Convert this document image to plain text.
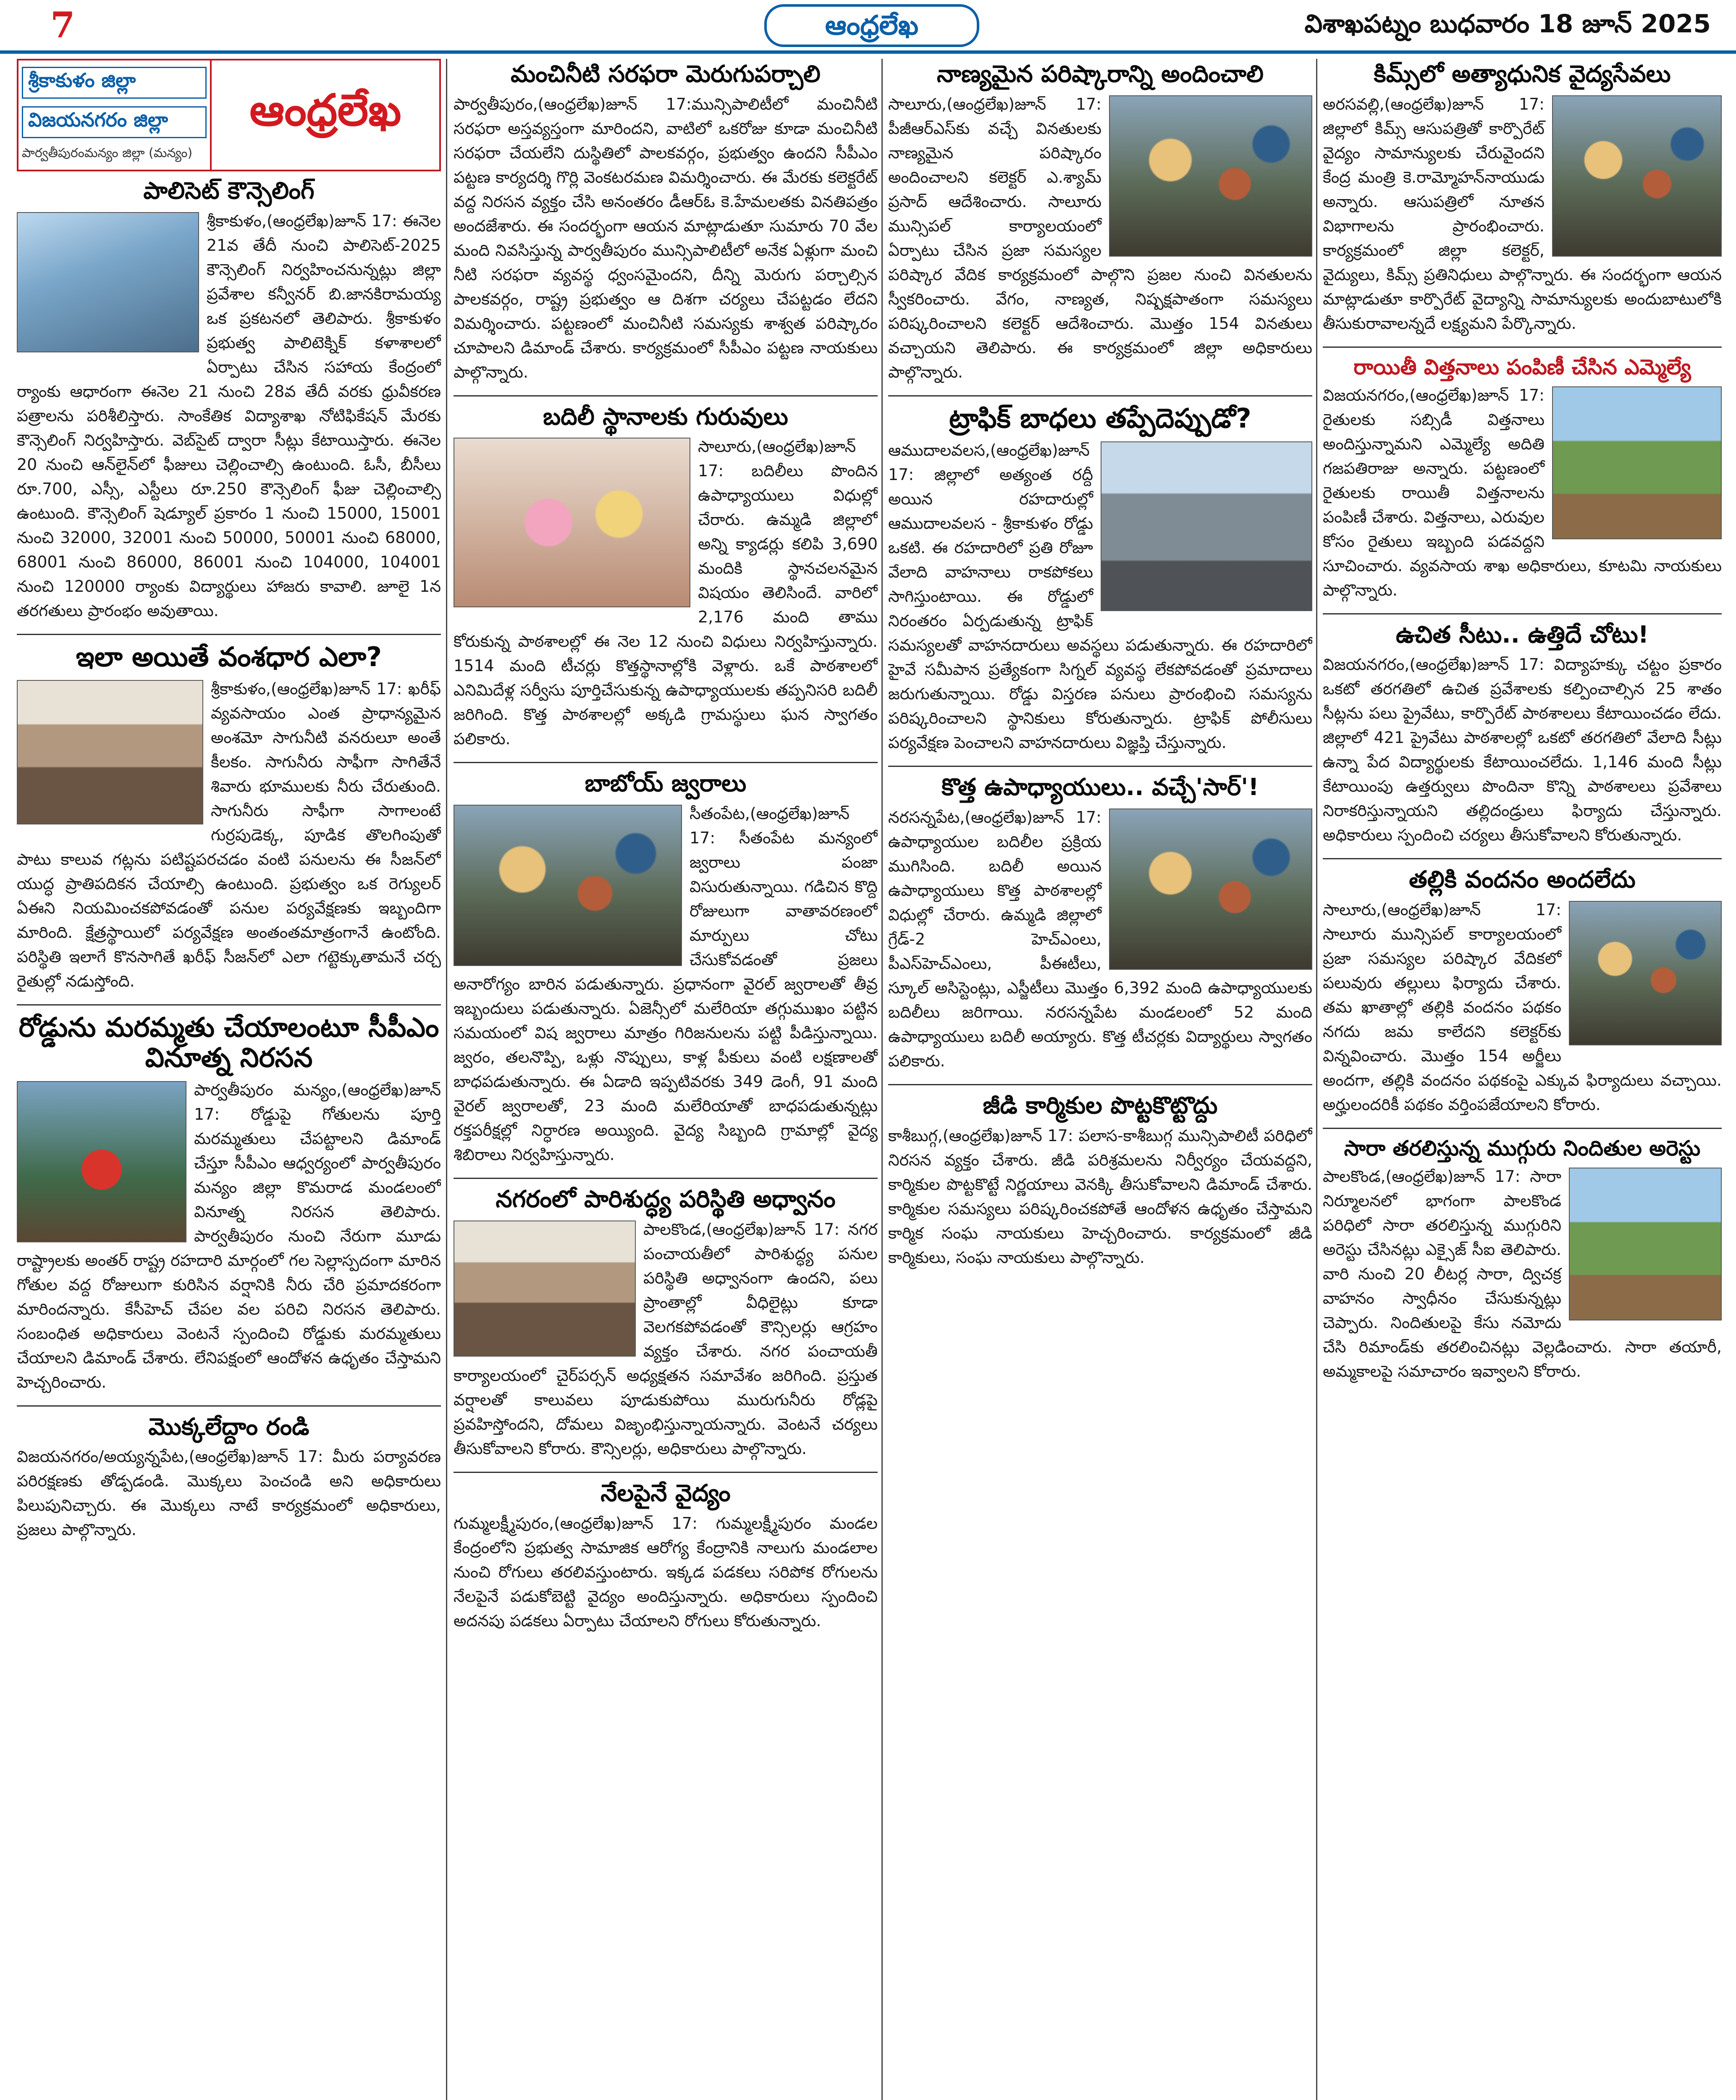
7	ఆంధ్రలేఖ	విశాఖపట్నం బుధవారం 18 జూన్ 2025
శ్రీకాకుళం జిల్లా
విజయనగరం జిల్లా
పార్వతీపురంమన్యం జిల్లా (మన్యం)
ఆంధ్రలేఖ
పాలిసెట్ కౌన్సెలింగ్
శ్రీకాకుళం,(ఆంధ్రలేఖ)జూన్ 17: ఈనెల 21వ తేదీ నుంచి పాలిసెట్-2025 కౌన్సెలింగ్ నిర్వహించనున్నట్లు జిల్లా ప్రవేశాల కన్వీనర్ బి.జానకిరామయ్య ఒక ప్రకటనలో తెలిపారు. శ్రీకాకుళం ప్రభుత్వ పాలిటెక్నిక్ కళాశాలలో ఏర్పాటు చేసిన సహాయ కేంద్రంలో ర్యాంకు ఆధారంగా ఈనెల 21 నుంచి 28వ తేదీ వరకు ధ్రువీకరణ పత్రాలను పరిశీలిస్తారు. సాంకేతిక విద్యాశాఖ నోటిఫికేషన్ మేరకు కౌన్సెలింగ్ నిర్వహిస్తారు. వెబ్‌సైట్ ద్వారా సీట్లు కేటాయిస్తారు. ఈనెల 20 నుంచి ఆన్‌లైన్‌లో ఫీజులు చెల్లించాల్సి ఉంటుంది. ఓసీ, బీసీలు రూ.700, ఎస్సీ, ఎస్టీలు రూ.250 కౌన్సెలింగ్ ఫీజు చెల్లించాల్సి ఉంటుంది. కౌన్సెలింగ్ షెడ్యూల్ ప్రకారం 1 నుంచి 15000, 15001 నుంచి 32000, 32001 నుంచి 50000, 50001 నుంచి 68000, 68001 నుంచి 86000, 86001 నుంచి 104000, 104001 నుంచి 120000 ర్యాంకు విద్యార్థులు హాజరు కావాలి. జూలై 1న తరగతులు ప్రారంభం అవుతాయి.
ఇలా అయితే వంశధార ఎలా?
శ్రీకాకుళం,(ఆంధ్రలేఖ)జూన్ 17: ఖరీఫ్ వ్యవసాయం ఎంత ప్రాధాన్యమైన అంశమో సాగునీటి వనరులూ అంతే కీలకం. సాగునీరు సాఫీగా సాగితేనే శివారు భూములకు నీరు చేరుతుంది. సాగునీరు సాఫీగా సాగాలంటే గుర్రపుడెక్క, పూడిక తొలగింపుతో పాటు కాలువ గట్లను పటిష్టపరచడం వంటి పనులను ఈ సీజన్‌లో యుద్ధ ప్రాతిపదికన చేయాల్సి ఉంటుంది. ప్రభుత్వం ఒక రెగ్యులర్ ఏఈని నియమించకపోవడంతో పనుల పర్యవేక్షణకు ఇబ్బందిగా మారింది. క్షేత్రస్థాయిలో పర్యవేక్షణ అంతంతమాత్రంగానే ఉంటోంది. పరిస్థితి ఇలాగే కొనసాగితే ఖరీఫ్ సీజన్‌లో ఎలా గట్టెక్కుతామనే చర్చ రైతుల్లో నడుస్తోంది.
రోడ్డును మరమ్మతు చేయాలంటూ సీపీఎం వినూత్న నిరసన
పార్వతీపురం మన్యం,(ఆంధ్రలేఖ)జూన్ 17: రోడ్డుపై గోతులను పూర్తి మరమ్మతులు చేపట్టాలని డిమాండ్ చేస్తూ సీపీఎం ఆధ్వర్యంలో పార్వతీపురం మన్యం జిల్లా కొమరాడ మండలంలో వినూత్న నిరసన తెలిపారు. పార్వతీపురం నుంచి నేరుగా మూడు రాష్ట్రాలకు అంతర్ రాష్ట్ర రహదారి మార్గంలో గల సెల్లాస్పదంగా మారిన గోతుల వద్ద రోజులుగా కురిసిన వర్షానికి నీరు చేరి ప్రమాదకరంగా మారిందన్నారు. కేసీహెచ్ చేపల వల పరిచి నిరసన తెలిపారు. సంబంధిత అధికారులు వెంటనే స్పందించి రోడ్డుకు మరమ్మతులు చేయాలని డిమాండ్ చేశారు. లేనిపక్షంలో ఆందోళన ఉధృతం చేస్తామని హెచ్చరించారు.
మొక్కలేద్దాం రండి
విజయనగరం/అయ్యన్నపేట,(ఆంధ్రలేఖ)జూన్ 17: మీరు పర్యావరణ పరిరక్షణకు తోడ్పడండి. మొక్కలు పెంచండి అని అధికారులు పిలుపునిచ్చారు. ఈ మొక్కలు నాటే కార్యక్రమంలో అధికారులు, ప్రజలు పాల్గొన్నారు.
మంచినీటి సరఫరా మెరుగుపర్చాలి
పార్వతీపురం,(ఆంధ్రలేఖ)జూన్ 17:మున్సిపాలిటీలో మంచినీటి సరఫరా అస్తవ్యస్తంగా మారిందని, వాటిలో ఒకరోజు కూడా మంచినీటి సరఫరా చేయలేని దుస్థితిలో పాలకవర్గం, ప్రభుత్వం ఉందని సీపీఎం పట్టణ కార్యదర్శి గొర్లి వెంకటరమణ విమర్శించారు. ఈ మేరకు కలెక్టరేట్ వద్ద నిరసన వ్యక్తం చేసి అనంతరం డీఆర్ఓ కె.హేమలతకు వినతిపత్రం అందజేశారు. ఈ సందర్భంగా ఆయన మాట్లాడుతూ సుమారు 70 వేల మంది నివసిస్తున్న పార్వతీపురం మున్సిపాలిటీలో అనేక ఏళ్లుగా మంచి నీటి సరఫరా వ్యవస్థ ధ్వంసమైందని, దీన్ని మెరుగు పర్చాల్సిన పాలకవర్గం, రాష్ట్ర ప్రభుత్వం ఆ దిశగా చర్యలు చేపట్టడం లేదని విమర్శించారు. పట్టణంలో మంచినీటి సమస్యకు శాశ్వత పరిష్కారం చూపాలని డిమాండ్ చేశారు. కార్యక్రమంలో సీపీఎం పట్టణ నాయకులు పాల్గొన్నారు.
బదిలీ స్థానాలకు గురువులు
సాలూరు,(ఆంధ్రలేఖ)జూన్ 17: బదిలీలు పొందిన ఉపాధ్యాయులు విధుల్లో చేరారు. ఉమ్మడి జిల్లాలో అన్ని క్యాడర్లు కలిపి 3,690 మందికి స్థానచలనమైన విషయం తెలిసిందే. వారిలో 2,176 మంది తాము కోరుకున్న పాఠశాలల్లో ఈ నెల 12 నుంచి విధులు నిర్వహిస్తున్నారు. 1514 మంది టీచర్లు కొత్తస్థానాల్లోకి వెళ్లారు. ఒకే పాఠశాలలో ఎనిమిదేళ్ల సర్వీసు పూర్తిచేసుకున్న ఉపాధ్యాయులకు తప్పనిసరి బదిలీ జరిగింది. కొత్త పాఠశాలల్లో అక్కడి గ్రామస్థులు ఘన స్వాగతం పలికారు.
బాబోయ్ జ్వరాలు
సీతంపేట,(ఆంధ్రలేఖ)జూన్ 17: సీతంపేట మన్యంలో జ్వరాలు పంజా విసురుతున్నాయి. గడిచిన కొద్ది రోజులుగా వాతావరణంలో మార్పులు చోటు చేసుకోవడంతో ప్రజలు అనారోగ్యం బారిన పడుతున్నారు. ప్రధానంగా వైరల్ జ్వరాలతో తీవ్ర ఇబ్బందులు పడుతున్నారు. ఏజెన్సీలో మలేరియా తగ్గుముఖం పట్టిన సమయంలో విష జ్వరాలు మాత్రం గిరిజనులను పట్టి పీడిస్తున్నాయి. జ్వరం, తలనొప్పి, ఒళ్లు నొప్పులు, కాళ్ల పీకులు వంటి లక్షణాలతో బాధపడుతున్నారు. ఈ ఏడాది ఇప్పటివరకు 349 డెంగీ, 91 మంది వైరల్ జ్వరాలతో, 23 మంది మలేరియాతో బాధపడుతున్నట్లు రక్తపరీక్షల్లో నిర్ధారణ అయ్యింది. వైద్య సిబ్బంది గ్రామాల్లో వైద్య శిబిరాలు నిర్వహిస్తున్నారు.
నగరంలో పారిశుద్ధ్య పరిస్థితి అధ్వానం
పాలకొండ,(ఆంధ్రలేఖ)జూన్ 17: నగర పంచాయతీలో పారిశుద్ధ్య పనుల పరిస్థితి అధ్వానంగా ఉందని, పలు ప్రాంతాల్లో వీధిలైట్లు కూడా వెలగకపోవడంతో కౌన్సిలర్లు ఆగ్రహం వ్యక్తం చేశారు. నగర పంచాయతీ కార్యాలయంలో చైర్‌పర్సన్ అధ్యక్షతన సమావేశం జరిగింది. ప్రస్తుత వర్షాలతో కాలువలు పూడుకుపోయి మురుగునీరు రోడ్లపై ప్రవహిస్తోందని, దోమలు విజృంభిస్తున్నాయన్నారు. వెంటనే చర్యలు తీసుకోవాలని కోరారు. కౌన్సిలర్లు, అధికారులు పాల్గొన్నారు.
నేలపైనే వైద్యం
గుమ్మలక్ష్మీపురం,(ఆంధ్రలేఖ)జూన్ 17: గుమ్మలక్ష్మీపురం మండల కేంద్రంలోని ప్రభుత్వ సామాజిక ఆరోగ్య కేంద్రానికి నాలుగు మండలాల నుంచి రోగులు తరలివస్తుంటారు. ఇక్కడ పడకలు సరిపోక రోగులను నేలపైనే పడుకోబెట్టి వైద్యం అందిస్తున్నారు. అధికారులు స్పందించి అదనపు పడకలు ఏర్పాటు చేయాలని రోగులు కోరుతున్నారు.
నాణ్యమైన పరిష్కారాన్ని అందించాలి
సాలూరు,(ఆంధ్రలేఖ)జూన్ 17: పీజీఆర్ఎస్‌కు వచ్చే వినతులకు నాణ్యమైన పరిష్కారం అందించాలని కలెక్టర్ ఎ.శ్యామ్ ప్రసాద్ ఆదేశించారు. సాలూరు మున్సిపల్ కార్యాలయంలో ఏర్పాటు చేసిన ప్రజా సమస్యల పరిష్కార వేదిక కార్యక్రమంలో పాల్గొని ప్రజల నుంచి వినతులను స్వీకరించారు. వేగం, నాణ్యత, నిష్పక్షపాతంగా సమస్యలు పరిష్కరించాలని కలెక్టర్ ఆదేశించారు. మొత్తం 154 వినతులు వచ్చాయని తెలిపారు. ఈ కార్యక్రమంలో జిల్లా అధికారులు పాల్గొన్నారు.
ట్రాఫిక్ బాధలు తప్పేదెప్పుడో?
ఆముదాలవలస,(ఆంధ్రలేఖ)జూన్ 17: జిల్లాలో అత్యంత రద్దీ అయిన రహదారుల్లో ఆముదాలవలస - శ్రీకాకుళం రోడ్డు ఒకటి. ఈ రహదారిలో ప్రతి రోజూ వేలాది వాహనాలు రాకపోకలు సాగిస్తుంటాయి. ఈ రోడ్డులో నిరంతరం ఏర్పడుతున్న ట్రాఫిక్ సమస్యలతో వాహనదారులు అవస్థలు పడుతున్నారు. ఈ రహదారిలో హైవే సమీపాన ప్రత్యేకంగా సిగ్నల్ వ్యవస్థ లేకపోవడంతో ప్రమాదాలు జరుగుతున్నాయి. రోడ్డు విస్తరణ పనులు ప్రారంభించి సమస్యను పరిష్కరించాలని స్థానికులు కోరుతున్నారు. ట్రాఫిక్ పోలీసులు పర్యవేక్షణ పెంచాలని వాహనదారులు విజ్ఞప్తి చేస్తున్నారు.
కొత్త ఉపాధ్యాయులు.. వచ్చే'సార్'!
నరసన్నపేట,(ఆంధ్రలేఖ)జూన్ 17: ఉపాధ్యాయుల బదిలీల ప్రక్రియ ముగిసింది. బదిలీ అయిన ఉపాధ్యాయులు కొత్త పాఠశాలల్లో విధుల్లో చేరారు. ఉమ్మడి జిల్లాలో గ్రేడ్-2 హెచ్ఎంలు, పీఎస్‌హెచ్ఎంలు, పీఈటీలు, స్కూల్ అసిస్టెంట్లు, ఎస్జీటీలు మొత్తం 6,392 మంది ఉపాధ్యాయులకు బదిలీలు జరిగాయి. నరసన్నపేట మండలంలో 52 మంది ఉపాధ్యాయులు బదిలీ అయ్యారు. కొత్త టీచర్లకు విద్యార్థులు స్వాగతం పలికారు.
జీడి కార్మికుల పొట్టకొట్టొద్దు
కాశీబుగ్గ,(ఆంధ్రలేఖ)జూన్ 17: పలాస-కాశీబుగ్గ మున్సిపాలిటీ పరిధిలో నిరసన వ్యక్తం చేశారు. జీడి పరిశ్రమలను నిర్వీర్యం చేయవద్దని, కార్మికుల పొట్టకొట్టే నిర్ణయాలు వెనక్కి తీసుకోవాలని డిమాండ్ చేశారు. కార్మికుల సమస్యలు పరిష్కరించకపోతే ఆందోళన ఉధృతం చేస్తామని కార్మిక సంఘ నాయకులు హెచ్చరించారు. కార్యక్రమంలో జీడి కార్మికులు, సంఘ నాయకులు పాల్గొన్నారు.
కిమ్స్‌లో అత్యాధునిక వైద్యసేవలు
అరసవల్లి,(ఆంధ్రలేఖ)జూన్ 17: జిల్లాలో కిమ్స్ ఆసుపత్రితో కార్పొరేట్ వైద్యం సామాన్యులకు చేరువైందని కేంద్ర మంత్రి కె.రామ్మోహన్‌నాయుడు అన్నారు. ఆసుపత్రిలో నూతన విభాగాలను ప్రారంభించారు. కార్యక్రమంలో జిల్లా కలెక్టర్, వైద్యులు, కిమ్స్ ప్రతినిధులు పాల్గొన్నారు. ఈ సందర్భంగా ఆయన మాట్లాడుతూ కార్పొరేట్ వైద్యాన్ని సామాన్యులకు అందుబాటులోకి తీసుకురావాలన్నదే లక్ష్యమని పేర్కొన్నారు.
రాయితీ విత్తనాలు పంపిణీ చేసిన ఎమ్మెల్యే
విజయనగరం,(ఆంధ్రలేఖ)జూన్ 17: రైతులకు సబ్సిడీ విత్తనాలు అందిస్తున్నామని ఎమ్మెల్యే అదితి గజపతిరాజు అన్నారు. పట్టణంలో రైతులకు రాయితీ విత్తనాలను పంపిణీ చేశారు. విత్తనాలు, ఎరువుల కోసం రైతులు ఇబ్బంది పడవద్దని సూచించారు. వ్యవసాయ శాఖ అధికారులు, కూటమి నాయకులు పాల్గొన్నారు.
ఉచిత సీటు.. ఉత్తిదే చోటు!
విజయనగరం,(ఆంధ్రలేఖ)జూన్ 17: విద్యాహక్కు చట్టం ప్రకారం ఒకటో తరగతిలో ఉచిత ప్రవేశాలకు కల్పించాల్సిన 25 శాతం సీట్లను పలు ప్రైవేటు, కార్పొరేట్ పాఠశాలలు కేటాయించడం లేదు. జిల్లాలో 421 ప్రైవేటు పాఠశాలల్లో ఒకటో తరగతిలో వేలాది సీట్లు ఉన్నా పేద విద్యార్థులకు కేటాయించలేదు. 1,146 మంది సీట్లు కేటాయింపు ఉత్తర్వులు పొందినా కొన్ని పాఠశాలలు ప్రవేశాలు నిరాకరిస్తున్నాయని తల్లిదండ్రులు ఫిర్యాదు చేస్తున్నారు. అధికారులు స్పందించి చర్యలు తీసుకోవాలని కోరుతున్నారు.
తల్లికి వందనం అందలేదు
సాలూరు,(ఆంధ్రలేఖ)జూన్ 17: సాలూరు మున్సిపల్ కార్యాలయంలో ప్రజా సమస్యల పరిష్కార వేదికలో పలువురు తల్లులు ఫిర్యాదు చేశారు. తమ ఖాతాల్లో తల్లికి వందనం పథకం నగదు జమ కాలేదని కలెక్టర్‌కు విన్నవించారు. మొత్తం 154 అర్జీలు అందగా, తల్లికి వందనం పథకంపై ఎక్కువ ఫిర్యాదులు వచ్చాయి. అర్హులందరికీ పథకం వర్తింపజేయాలని కోరారు.
సారా తరలిస్తున్న ముగ్గురు నిందితుల అరెస్టు
పాలకొండ,(ఆంధ్రలేఖ)జూన్ 17: సారా నిర్మూలనలో భాగంగా పాలకొండ పరిధిలో సారా తరలిస్తున్న ముగ్గురిని అరెస్టు చేసినట్లు ఎక్సైజ్ సీఐ తెలిపారు. వారి నుంచి 20 లీటర్ల సారా, ద్విచక్ర వాహనం స్వాధీనం చేసుకున్నట్లు చెప్పారు. నిందితులపై కేసు నమోదు చేసి రిమాండ్‌కు తరలించినట్లు వెల్లడించారు. సారా తయారీ, అమ్మకాలపై సమాచారం ఇవ్వాలని కోరారు.
